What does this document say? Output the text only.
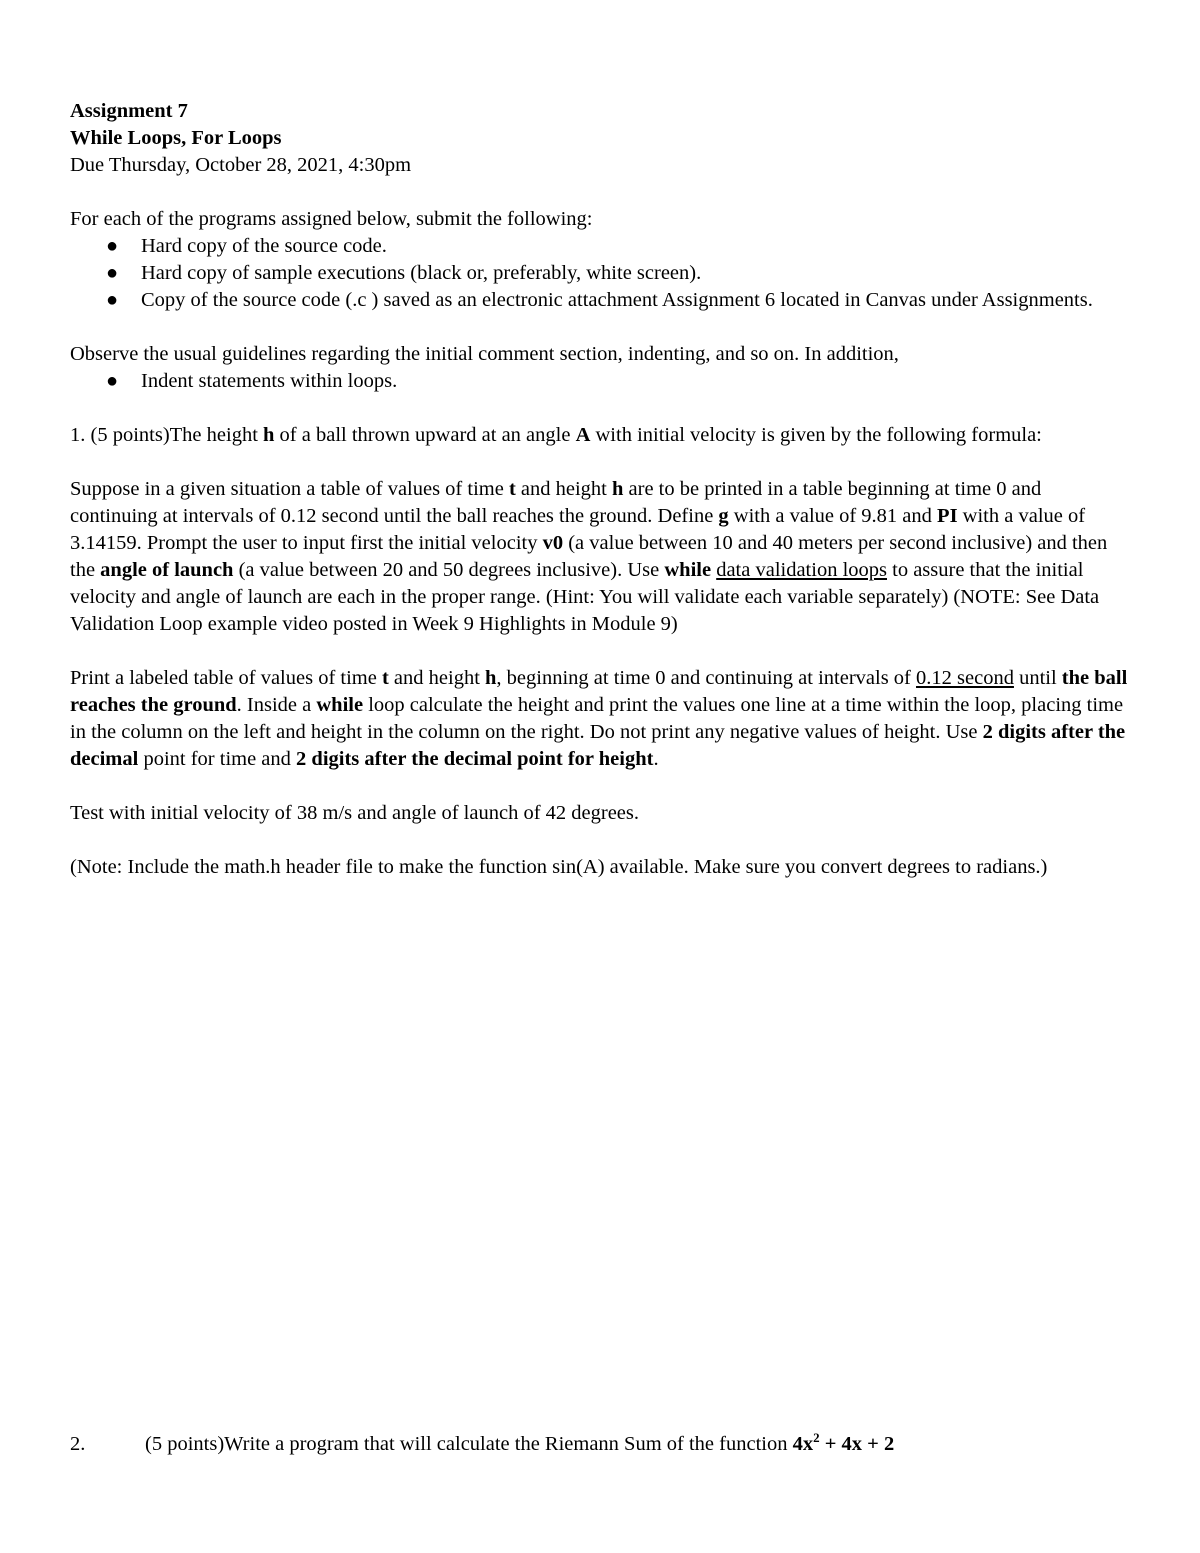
Assignment 7
While Loops, For Loops
Due Thursday, October 28, 2021, 4:30pm

For each of the programs assigned below, submit the following:

● Hard copy of the source code.
● Hard copy of sample executions (black or, preferably, white screen).
● Copy of the source code (.c ) saved as an electronic attachment Assignment 6 located in Canvas under Assignments.

Observe the usual guidelines regarding the initial comment section, indenting, and so on. In addition,

● Indent statements within loops.

1. (5 points)The height h of a ball thrown upward at an angle A with initial velocity is given by the following formula:

Suppose in a given situation a table of values of time t and height h are to be printed in a table beginning at time 0 and continuing at intervals of 0.12 second until the ball reaches the ground. Define g with a value of 9.81 and PI with a value of 3.14159. Prompt the user to input first the initial velocity v0 (a value between 10 and 40 meters per second inclusive) and then the angle of launch (a value between 20 and 50 degrees inclusive). Use while data validation loops to assure that the initial velocity and angle of launch are each in the proper range. (Hint: You will validate each variable separately) (NOTE: See Data Validation Loop example video posted in Week 9 Highlights in Module 9)

Print a labeled table of values of time t and height h, beginning at time 0 and continuing at intervals of 0.12 second until the ball reaches the ground. Inside a while loop calculate the height and print the values one line at a time within the loop, placing time in the column on the left and height in the column on the right. Do not print any negative values of height. Use 2 digits after the decimal point for time and 2 digits after the decimal point for height.

Test with initial velocity of 38 m/s and angle of launch of 42 degrees.

(Note: Include the math.h header file to make the function sin(A) available. Make sure you convert degrees to radians.)

2.	(5 points)Write a program that will calculate the Riemann Sum of the function $4x^2 + 4x + 2$
